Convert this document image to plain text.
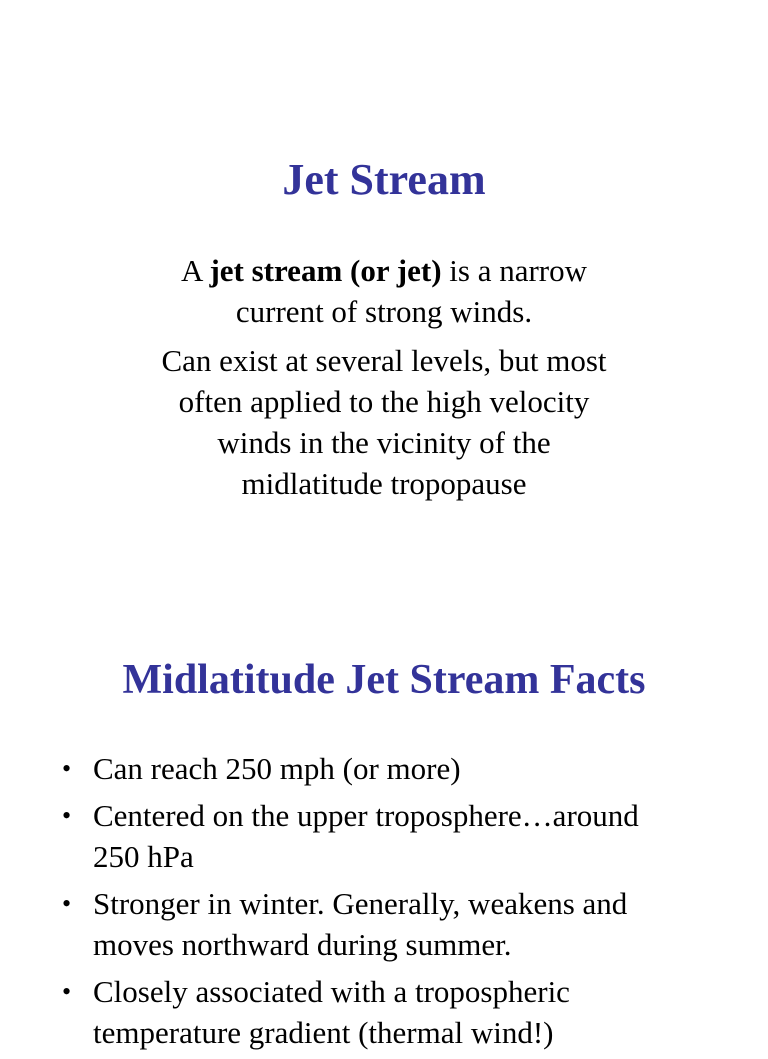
Jet Stream
A jet stream (or jet) is a narrow
current of strong winds.
Can exist at several levels, but most
often applied to the high velocity
winds in the vicinity of the
midlatitude tropopause
Midlatitude Jet Stream Facts
• Can reach 250 mph (or more)
• Centered on the upper troposphere…around
250 hPa
• Stronger in winter. Generally, weakens and
moves northward during summer.
• Closely associated with a tropospheric
temperature gradient (thermal wind!)
